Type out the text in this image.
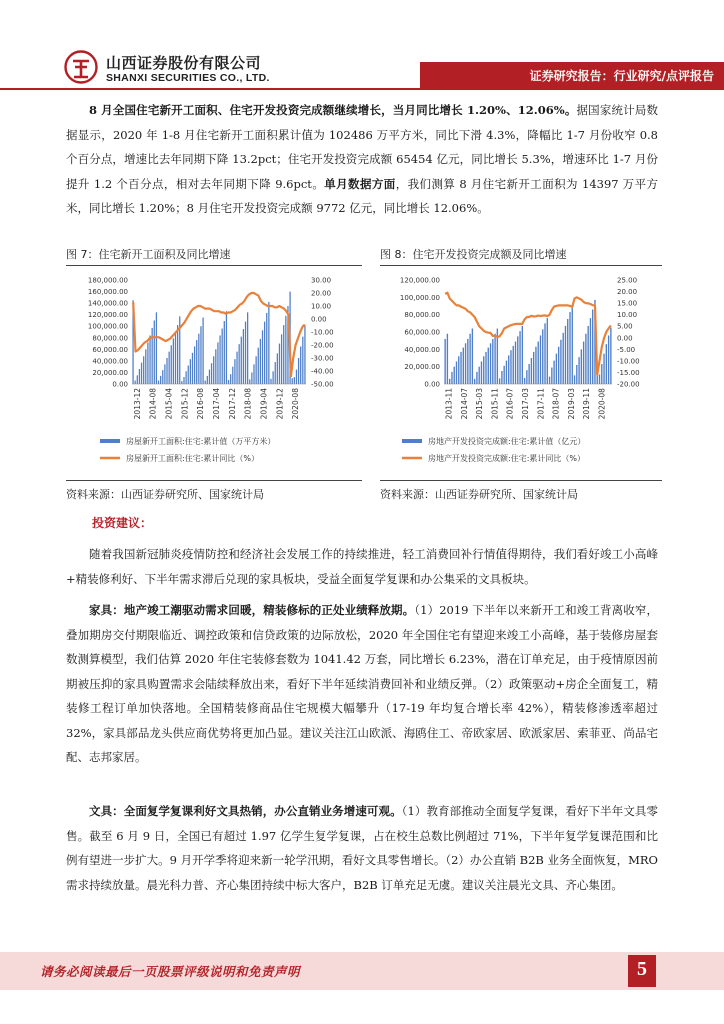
山西证券股份有限公司
SHANXI SECURITIES CO., LTD.	证券研究报告：行业研究/点评报告

8 月全国住宅新开工面积、住宅开发投资完成额继续增长，当月同比增长 1.20%、12.06%。据国家统计局数据显示，2020 年 1-8 月住宅新开工面积累计值为 102486 万平方米，同比下滑 4.3%，降幅比 1-7 月份收窄 0.8 个百分点，增速比去年同期下降 13.2pct；住宅开发投资完成额 65454 亿元，同比增长 5.3%，增速环比 1-7 月份提升 1.2 个百分点，相对去年同期下降 9.6pct。单月数据方面，我们测算 8 月住宅新开工面积为 14397 万平方米，同比增长 1.20%；8 月住宅开发投资完成额 9772 亿元，同比增长 12.06%。

图 7：住宅新开工面积及同比增速	图 8：住宅开发投资完成额及同比增速
180,000.00
160,000.00
140,000.00
120,000.00
100,000.00
80,000.00
60,000.00
40,000.00
20,000.00
0.00
30.00
20.00
10.00
0.00
-10.00
-20.00
-30.00
-40.00
-50.00
2013-12 2014-08 2015-04 2015-12 2016-08 2017-04 2017-12 2018-08 2019-04 2019-12 2020-08
房屋新开工面积:住宅:累计值（万平方米）
房屋新开工面积:住宅:累计同比（%）
120,000.00
100,000.00
80,000.00
60,000.00
40,000.00
20,000.00
0.00
25.00
20.00
15.00
10.00
5.00
0.00
-5.00
-10.00
-15.00
-20.00
2013-11 2014-07 2015-03 2015-11 2016-07 2017-03 2017-11 2018-07 2019-03 2019-11 2020-08
房地产开发投资完成额:住宅:累计值（亿元）
房地产开发投资完成额:住宅:累计同比（%）
资料来源：山西证券研究所、国家统计局	资料来源：山西证券研究所、国家统计局
投资建议：

随着我国新冠肺炎疫情防控和经济社会发展工作的持续推进，轻工消费回补行情值得期待，我们看好竣工小高峰+精装修利好、下半年需求滞后兑现的家具板块，受益全面复学复课和办公集采的文具板块。

家具：地产竣工潮驱动需求回暖，精装修标的正处业绩释放期。（1）2019 下半年以来新开工和竣工背离收窄，叠加期房交付期限临近、调控政策和信贷政策的边际放松，2020 年全国住宅有望迎来竣工小高峰，基于装修房屋套数测算模型，我们估算 2020 年住宅装修套数为 1041.42 万套，同比增长 6.23%，潜在订单充足，由于疫情原因前期被压抑的家具购置需求会陆续释放出来，看好下半年延续消费回补和业绩反弹。（2）政策驱动+房企全面复工，精装修工程订单加快落地。全国精装修商品住宅规模大幅攀升（17-19 年均复合增长率 42%），精装修渗透率超过 32%，家具部品龙头供应商优势将更加凸显。建议关注江山欧派、海鸥住工、帝欧家居、欧派家居、索菲亚、尚品宅配、志邦家居。

文具：全面复学复课利好文具热销，办公直销业务增速可观。（1）教育部推动全面复学复课，看好下半年文具零售。截至 6 月 9 日，全国已有超过 1.97 亿学生复学复课，占在校生总数比例超过 71%，下半年复学复课范围和比例有望进一步扩大。9 月开学季将迎来新一轮学汛期，看好文具零售增长。（2）办公直销 B2B 业务全面恢复，MRO 需求持续放量。晨光科力普、齐心集团持续中标大客户，B2B 订单充足无虞。建议关注晨光文具、齐心集团。

请务必阅读最后一页股票评级说明和免责声明	5
